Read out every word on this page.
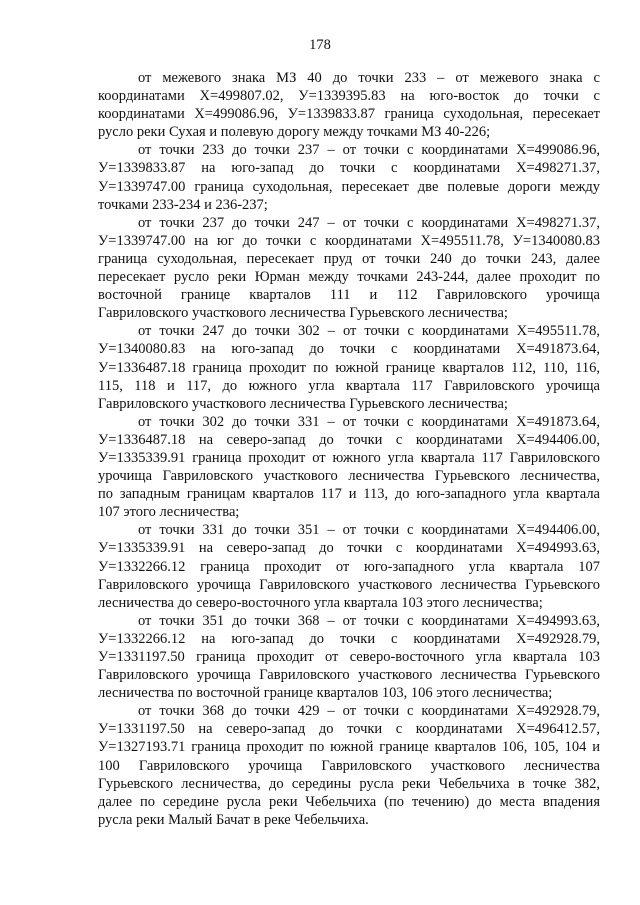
178
от межевого знака МЗ 40 до точки 233 – от межевого знака с
координатами Х=499807.02, У=1339395.83 на юго-восток до точки с
координатами Х=499086.96, У=1339833.87 граница суходольная, пересекает
русло реки Сухая и полевую дорогу между точками МЗ 40-226;
от точки 233 до точки 237 – от точки с координатами Х=499086.96,
У=1339833.87 на юго-запад до точки с координатами Х=498271.37,
У=1339747.00 граница суходольная, пересекает две полевые дороги между
точками 233-234 и 236-237;
от точки 237 до точки 247 – от точки с координатами Х=498271.37,
У=1339747.00 на юг до точки с координатами Х=495511.78, У=1340080.83
граница суходольная, пересекает пруд от точки 240 до точки 243, далее
пересекает русло реки Юрман между точками 243-244, далее проходит по
восточной границе кварталов 111 и 112 Гавриловского урочища
Гавриловского участкового лесничества Гурьевского лесничества;
от точки 247 до точки 302 – от точки с координатами Х=495511.78,
У=1340080.83 на юго-запад до точки с координатами Х=491873.64,
У=1336487.18 граница проходит по южной границе кварталов 112, 110, 116,
115, 118 и 117, до южного угла квартала 117 Гавриловского урочища
Гавриловского участкового лесничества Гурьевского лесничества;
от точки 302 до точки 331 – от точки с координатами Х=491873.64,
У=1336487.18 на северо-запад до точки с координатами Х=494406.00,
У=1335339.91 граница проходит от южного угла квартала 117 Гавриловского
урочища Гавриловского участкового лесничества Гурьевского лесничества,
по западным границам кварталов 117 и 113, до юго-западного угла квартала
107 этого лесничества;
от точки 331 до точки 351 – от точки с координатами Х=494406.00,
У=1335339.91 на северо-запад до точки с координатами Х=494993.63,
У=1332266.12 граница проходит от юго-западного угла квартала 107
Гавриловского урочища Гавриловского участкового лесничества Гурьевского
лесничества до северо-восточного угла квартала 103 этого лесничества;
от точки 351 до точки 368 – от точки с координатами Х=494993.63,
У=1332266.12 на юго-запад до точки с координатами Х=492928.79,
У=1331197.50 граница проходит от северо-восточного угла квартала 103
Гавриловского урочища Гавриловского участкового лесничества Гурьевского
лесничества по восточной границе кварталов 103, 106 этого лесничества;
от точки 368 до точки 429 – от точки с координатами Х=492928.79,
У=1331197.50 на северо-запад до точки с координатами Х=496412.57,
У=1327193.71 граница проходит по южной границе кварталов 106, 105, 104 и
100 Гавриловского урочища Гавриловского участкового лесничества
Гурьевского лесничества, до середины русла реки Чебельчиха в точке 382,
далее по середине русла реки Чебельчиха (по течению) до места впадения
русла реки Малый Бачат в реке Чебельчиха.
